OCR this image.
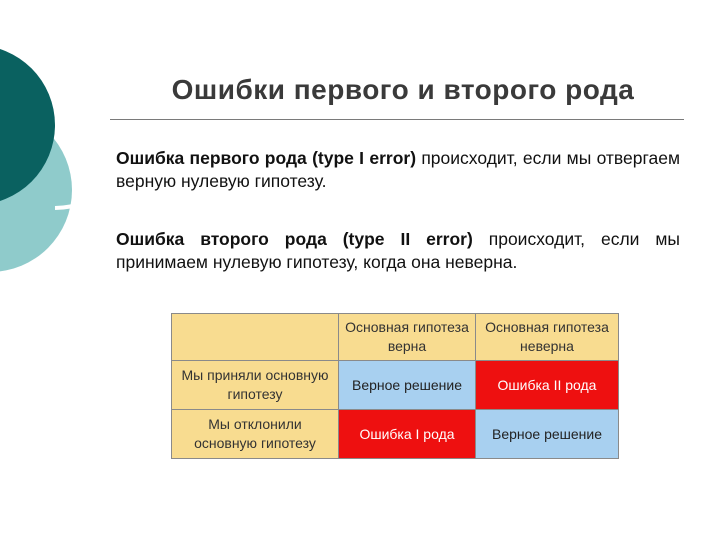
Ошибки первого и второго рода
Ошибка первого рода (type I error) происходит, если мы отвергаем верную нулевую гипотезу.
Ошибка второго рода (type II error) происходит, если мы принимаем нулевую гипотезу, когда она неверна.
	Основная гипотеза верна	Основная гипотеза неверна
Мы приняли основную гипотезу	Верное решение	Ошибка II рода
Мы отклонили основную гипотезу	Ошибка I рода	Верное решение
